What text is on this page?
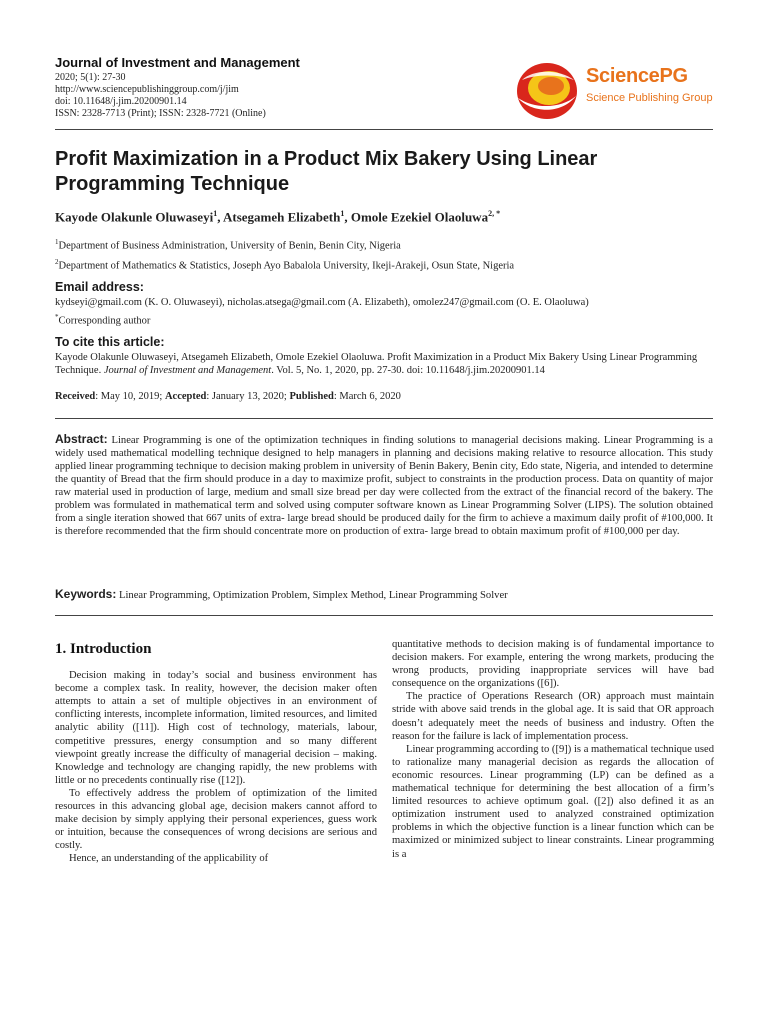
Journal of Investment and Management
2020; 5(1): 27-30
http://www.sciencepublishinggroup.com/j/jim
doi: 10.11648/j.jim.20200901.14
ISSN: 2328-7713 (Print); ISSN: 2328-7721 (Online)
SciencePG
Science Publishing Group
Profit Maximization in a Product Mix Bakery Using Linear Programming Technique
Kayode Olakunle Oluwaseyi$^1$, Atsegameh Elizabeth$^1$, Omole Ezekiel Olaoluwa$^{2, *}$
$^1$Department of Business Administration, University of Benin, Benin City, Nigeria
$^2$Department of Mathematics & Statistics, Joseph Ayo Babalola University, Ikeji-Arakeji, Osun State, Nigeria
Email address:
kydseyi@gmail.com (K. O. Oluwaseyi), nicholas.atsega@gmail.com (A. Elizabeth), omolez247@gmail.com (O. E. Olaoluwa)
*Corresponding author
To cite this article:
Kayode Olakunle Oluwaseyi, Atsegameh Elizabeth, Omole Ezekiel Olaoluwa. Profit Maximization in a Product Mix Bakery Using Linear Programming Technique. Journal of Investment and Management. Vol. 5, No. 1, 2020, pp. 27-30. doi: 10.11648/j.jim.20200901.14
Received: May 10, 2019; Accepted: January 13, 2020; Published: March 6, 2020
Abstract: Linear Programming is one of the optimization techniques in finding solutions to managerial decisions making. Linear Programming is a widely used mathematical modelling technique designed to help managers in planning and decisions making relative to resource allocation. This study applied linear programming technique to decision making problem in university of Benin Bakery, Benin city, Edo state, Nigeria, and intended to determine the quantity of Bread that the firm should produce in a day to maximize profit, subject to constraints in the production process. Data on quantity of major raw material used in production of large, medium and small size bread per day were collected from the extract of the financial record of the bakery. The problem was formulated in mathematical term and solved using computer software known as Linear Programming Solver (LIPS). The solution obtained from a single iteration showed that 667 units of extra- large bread should be produced daily for the firm to achieve a maximum daily profit of #100,000. It is therefore recommended that the firm should concentrate more on production of extra- large bread to obtain maximum profit of #100,000 per day.
Keywords: Linear Programming, Optimization Problem, Simplex Method, Linear Programming Solver
1. Introduction

Decision making in today’s social and business environment has become a complex task. In reality, however, the decision maker often attempts to attain a set of multiple objectives in an environment of conflicting interests, incomplete information, limited resources, and limited analytic ability ([11]). High cost of technology, materials, labour, competitive pressures, energy consumption and so many different viewpoint greatly increase the difficulty of managerial decision – making. Knowledge and technology are changing rapidly, the new problems with little or no precedents continually rise ([12]).

To effectively address the problem of optimization of the limited resources in this advancing global age, decision makers cannot afford to make decision by simply applying their personal experiences, guess work or intuition, because the consequences of wrong decisions are serious and costly.

Hence, an understanding of the applicability of

quantitative methods to decision making is of fundamental importance to decision makers. For example, entering the wrong markets, producing the wrong products, providing inappropriate services will have bad consequence on the organizations ([6]).

The practice of Operations Research (OR) approach must maintain stride with above said trends in the global age. It is said that OR approach doesn’t adequately meet the needs of business and industry. Often the reason for the failure is lack of implementation process.

Linear programming according to ([9]) is a mathematical technique used to rationalize many managerial decision as regards the allocation of economic resources. Linear programming (LP) can be defined as a mathematical technique for determining the best allocation of a firm’s limited resources to achieve optimum goal. ([2]) also defined it as an optimization instrument used to analyzed constrained optimization problems in which the objective function is a linear function which can be maximized or minimized subject to linear constraints. Linear programming is a
